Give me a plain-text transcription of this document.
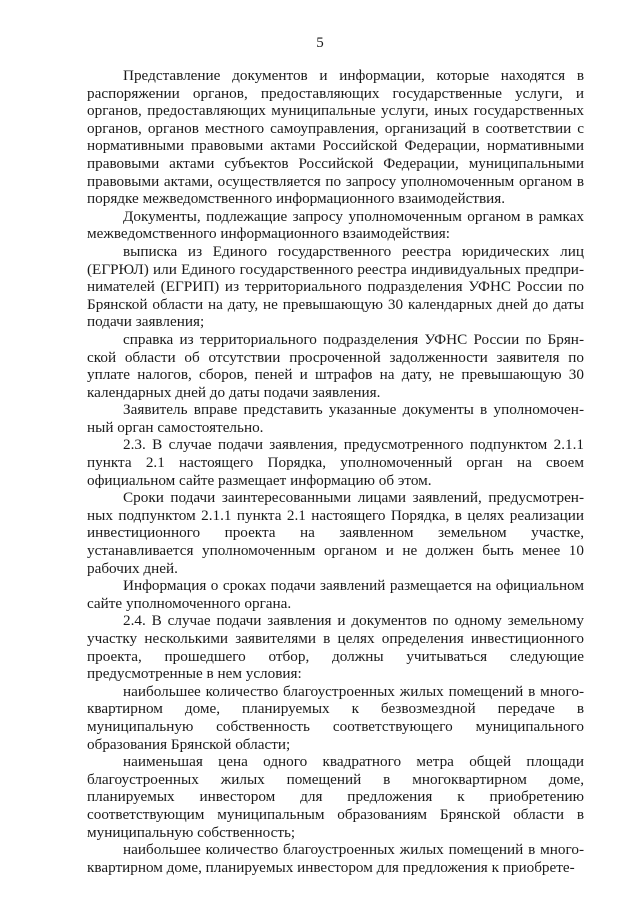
5

Представление документов и информации, которые находятся в распоряжении органов, предоставляющих государственные услуги, и органов, предоставляющих муниципальные услуги, иных государственных органов, органов местного самоуправления, организаций в соответствии с нормативными правовыми актами Российской Федерации, нормативными правовыми актами субъектов Российской Федерации, муниципальными правовыми актами, осуществляется по запросу уполномоченным органом в порядке межведомственного информационного взаимодействия.

Документы, подлежащие запросу уполномоченным органом в рамках межведомственного информационного взаимодействия:

выписка из Единого государственного реестра юридических лиц (ЕГРЮЛ) или Единого государственного реестра индивидуальных предпринимателей (ЕГРИП) из территориального подразделения УФНС России по Брянской области на дату, не превышающую 30 календарных дней до даты подачи заявления;

справка из территориального подразделения УФНС России по Брянской области об отсутствии просроченной задолженности заявителя по уплате налогов, сборов, пеней и штрафов на дату, не превышающую 30 календарных дней до даты подачи заявления.

Заявитель вправе представить указанные документы в уполномоченный орган самостоятельно.

2.3. В случае подачи заявления, предусмотренного подпунктом 2.1.1 пункта 2.1 настоящего Порядка, уполномоченный орган на своем официальном сайте размещает информацию об этом.

Сроки подачи заинтересованными лицами заявлений, предусмотренных подпунктом 2.1.1 пункта 2.1 настоящего Порядка, в целях реализации инвестиционного проекта на заявленном земельном участке, устанавливается уполномоченным органом и не должен быть менее 10 рабочих дней.

Информация о сроках подачи заявлений размещается на официальном сайте уполномоченного органа.

2.4. В случае подачи заявления и документов по одному земельному участку несколькими заявителями в целях определения инвестиционного проекта, прошедшего отбор, должны учитываться следующие предусмотренные в нем условия:

наибольшее количество благоустроенных жилых помещений в многоквартирном доме, планируемых к безвозмездной передаче в муниципальную собственность соответствующего муниципального образования Брянской области;

наименьшая цена одного квадратного метра общей площади благоустроенных жилых помещений в многоквартирном доме, планируемых инвестором для предложения к приобретению соответствующим муниципальным образованиям Брянской области в муниципальную собственность;

наибольшее количество благоустроенных жилых помещений в многоквартирном доме, планируемых инвестором для предложения к приобрете-
